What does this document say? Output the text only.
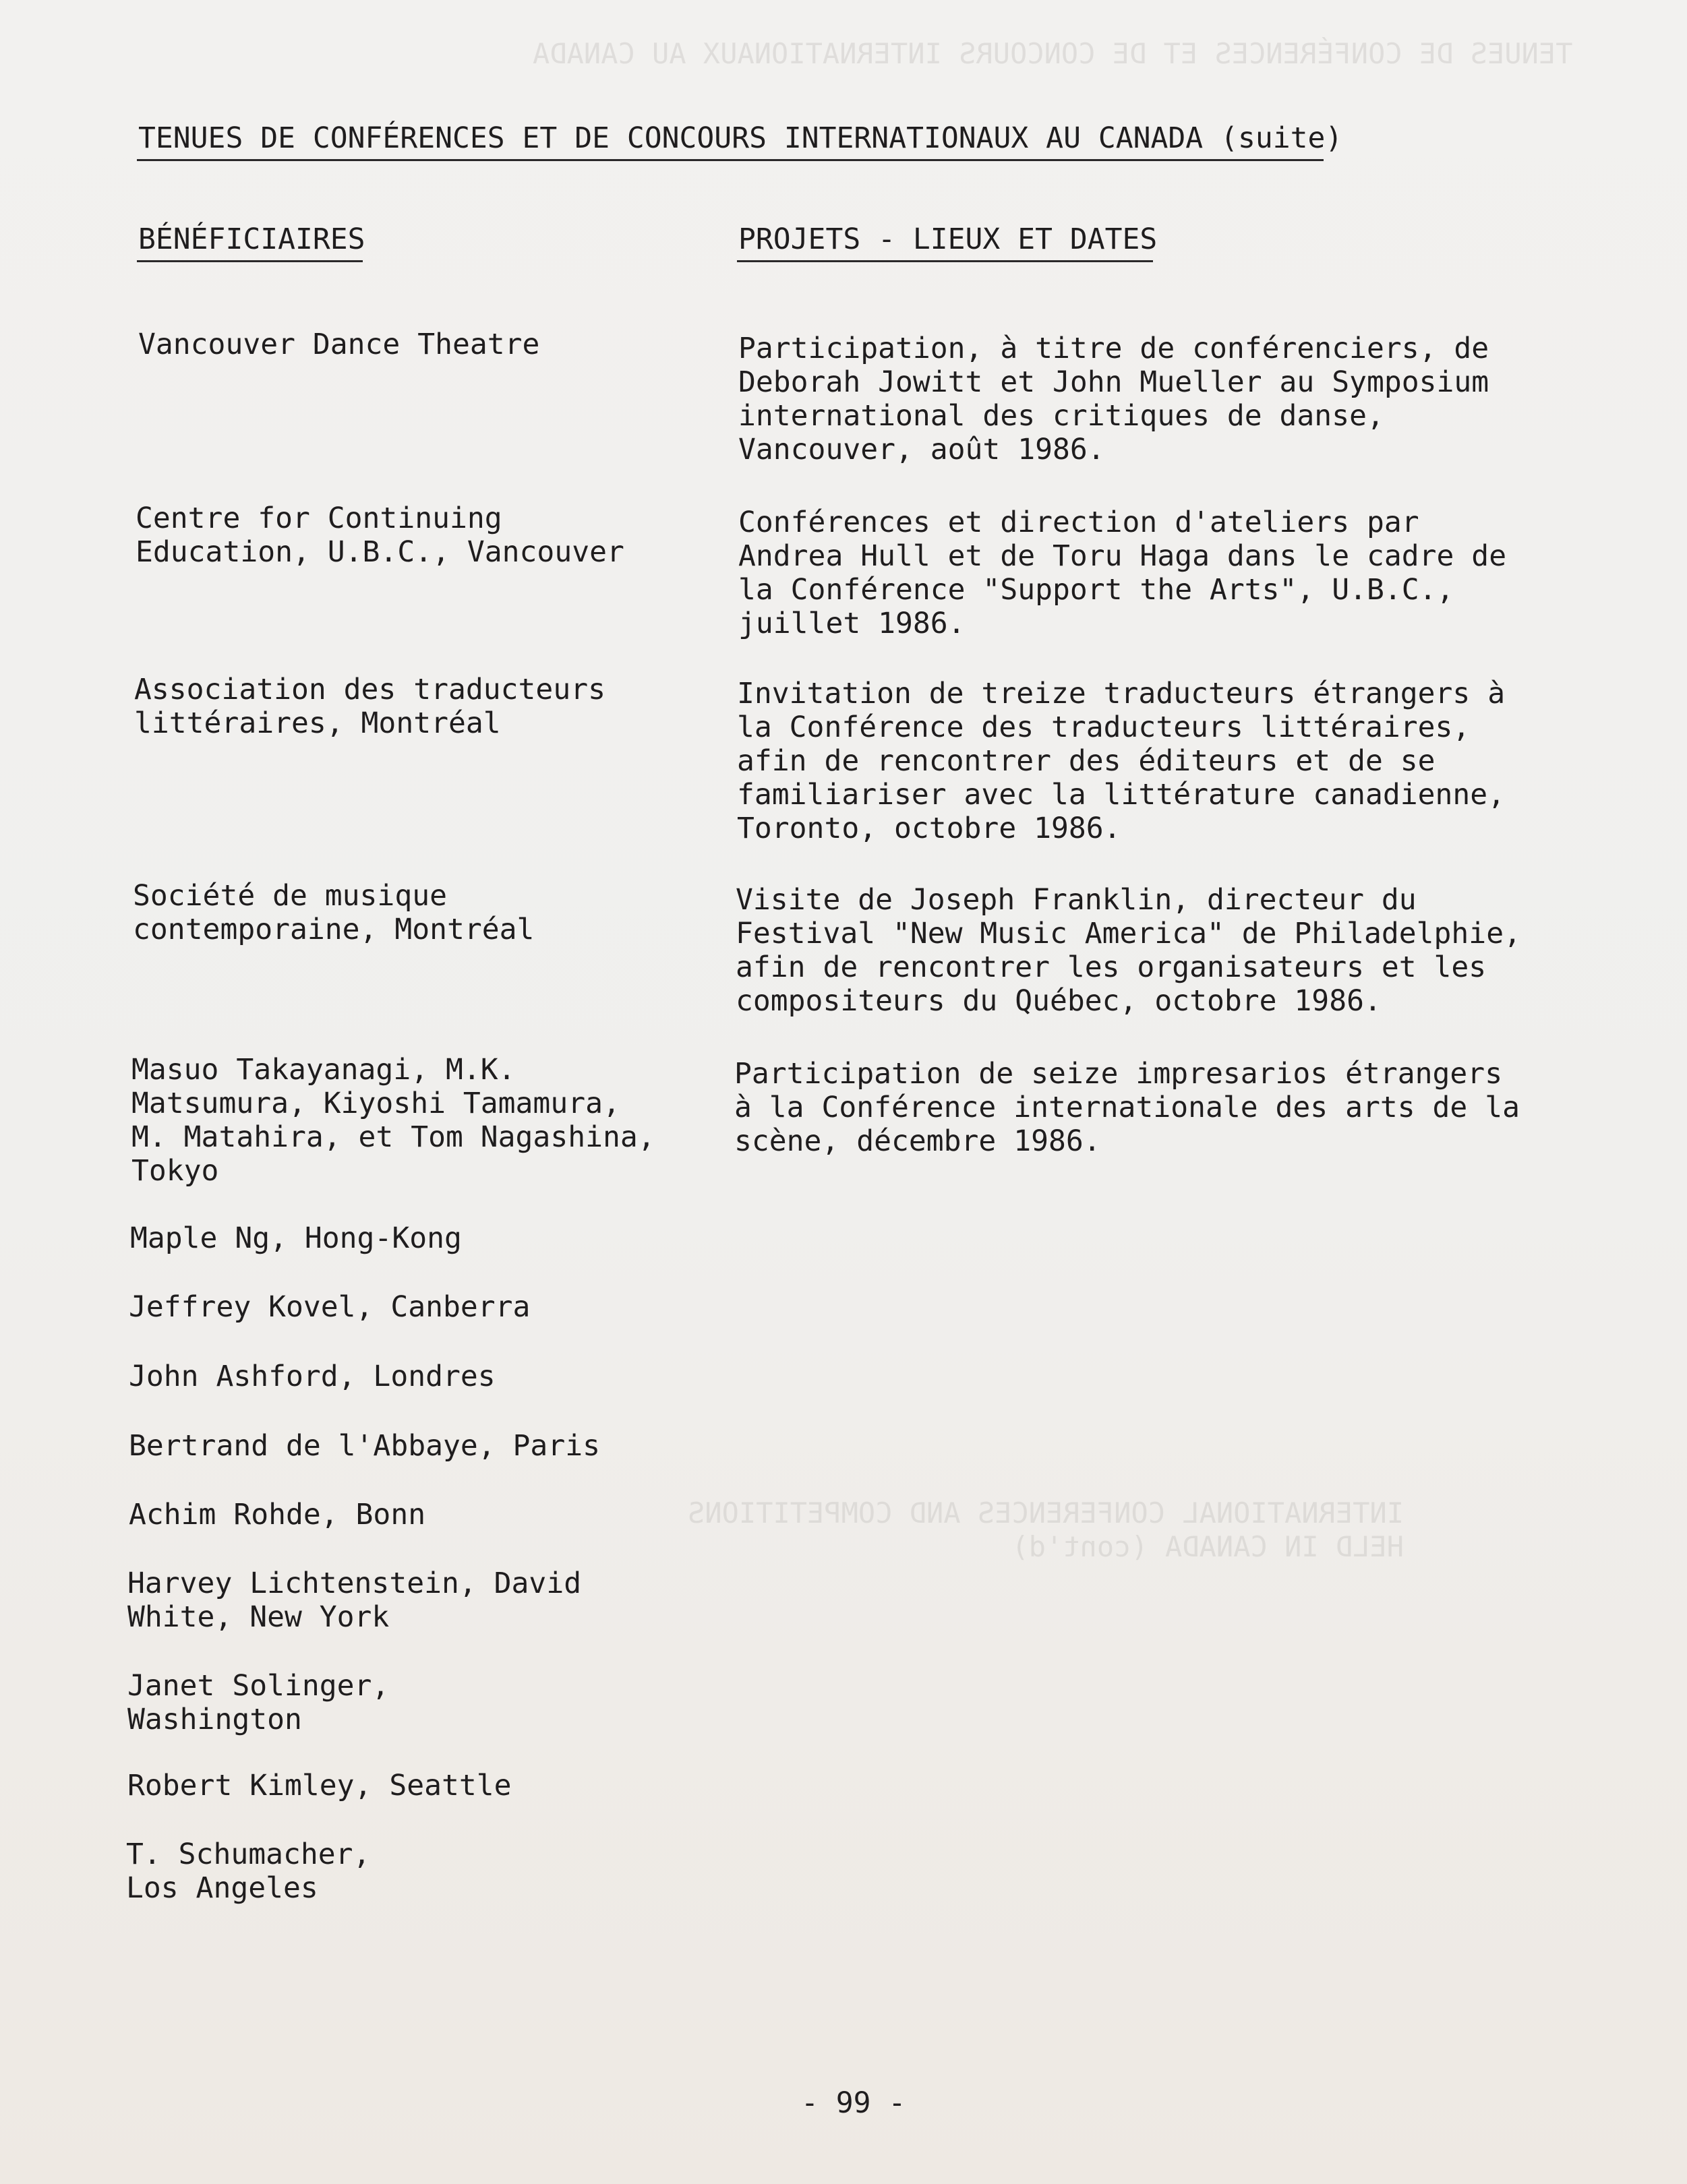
TENUES DE CONFÉRENCES ET DE CONCOURS INTERNATIONAUX AU CANADA
INTERNATIONAL CONFERENCES AND COMPETITIONS
HELD IN CANADA (cont'd)
TENUES DE CONFÉRENCES ET DE CONCOURS INTERNATIONAUX AU CANADA (suite)
BÉNÉFICIAIRES	PROJETS - LIEUX ET DATES
Vancouver Dance Theatre	Participation, à titre de conférenciers, de
Deborah Jowitt et John Mueller au Symposium
international des critiques de danse,
Vancouver, août 1986.
Centre for Continuing
Education, U.B.C., Vancouver
Conférences et direction d'ateliers par
Andrea Hull et de Toru Haga dans le cadre de
la Conférence "Support the Arts", U.B.C.,
juillet 1986.
Association des traducteurs
littéraires, Montréal
Invitation de treize traducteurs étrangers à
la Conférence des traducteurs littéraires,
afin de rencontrer des éditeurs et de se
familiariser avec la littérature canadienne,
Toronto, octobre 1986.
Société de musique
contemporaine, Montréal
Visite de Joseph Franklin, directeur du
Festival "New Music America" de Philadelphie,
afin de rencontrer les organisateurs et les
compositeurs du Québec, octobre 1986.
Masuo Takayanagi, M.K.
Matsumura, Kiyoshi Tamamura,
M. Matahira, et Tom Nagashina,
Tokyo
Participation de seize impresarios étrangers
à la Conférence internationale des arts de la
scène, décembre 1986.
Maple Ng, Hong-Kong
Jeffrey Kovel, Canberra
John Ashford, Londres
Bertrand de l'Abbaye, Paris
Achim Rohde, Bonn
Harvey Lichtenstein, David
White, New York
Janet Solinger,
Washington
Robert Kimley, Seattle
T. Schumacher,
Los Angeles
- 99 -
